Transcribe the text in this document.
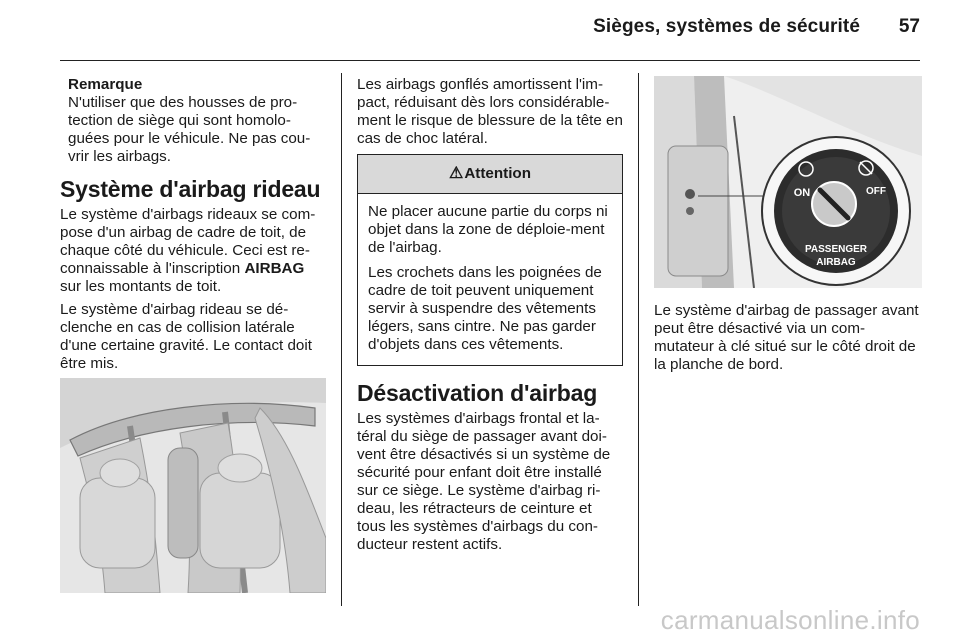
Sièges, systèmes de sécurité 57
Remarque
N'utiliser que des housses de pro-tection de siège qui sont homolo-guées pour le véhicule. Ne pas cou-vrir les airbags.
Système d'airbag rideau

Le système d'airbags rideaux se com-pose d'un airbag de cadre de toit, de chaque côté du véhicule. Ceci est re-connaissable à l'inscription AIRBAG sur les montants de toit.

Le système d'airbag rideau se dé-clenche en cas de collision latérale d'une certaine gravité. Le contact doit être mis.

Les airbags gonflés amortissent l'im-pact, réduisant dès lors considérable-ment le risque de blessure de la tête en cas de choc latéral.

⚠ Attention

Ne placer aucune partie du corps ni objet dans la zone de déploie-ment de l'airbag.

Les crochets dans les poignées de cadre de toit peuvent uniquement servir à suspendre des vêtements légers, sans cintre. Ne pas garder d'objets dans ces vêtements.

Désactivation d'airbag

Les systèmes d'airbags frontal et la-téral du siège de passager avant doi-vent être désactivés si un système de sécurité pour enfant doit être installé sur ce siège. Le système d'airbag ri-deau, les rétracteurs de ceinture et tous les systèmes d'airbags du con-ducteur restent actifs.

ON	OFF
PASSENGER
AIRBAG

Le système d'airbag de passager avant peut être désactivé via un com-mutateur à clé situé sur le côté droit de la planche de bord.

carmanualsonline.info
